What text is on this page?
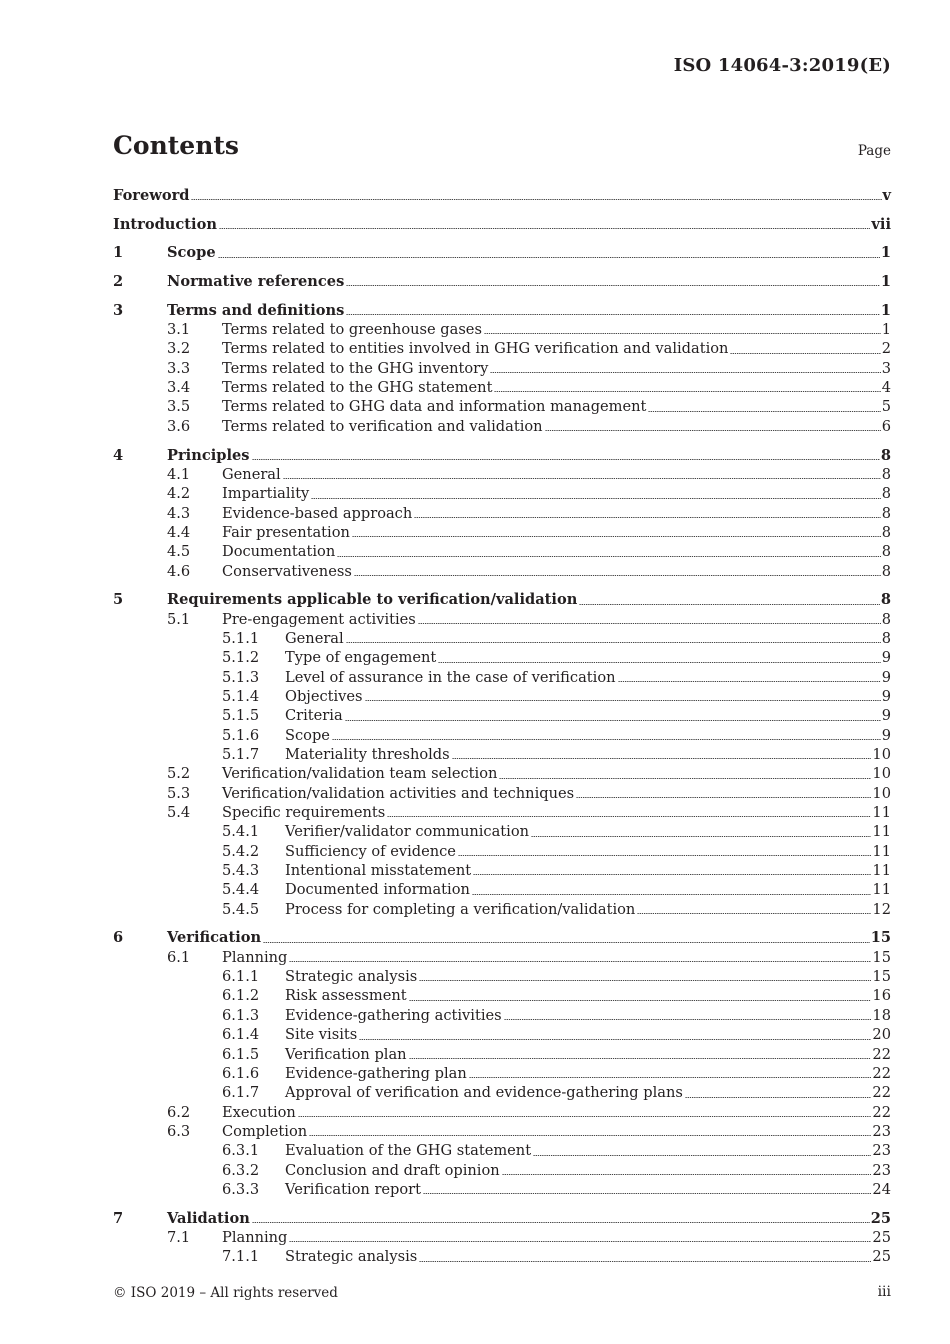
ISO 14064-3:2019(E)
Contents	Page
Foreword	v
Introduction	vii
1	Scope	1
2	Normative references	1
3	Terms and definitions	1
3.1 Terms related to greenhouse gases	1
3.2 Terms related to entities involved in GHG verification and validation	2
3.3 Terms related to the GHG inventory	3
3.4 Terms related to the GHG statement	4
3.5 Terms related to GHG data and information management	5
3.6 Terms related to verification and validation	6
4	Principles	8
4.1 General	8
4.2 Impartiality	8
4.3 Evidence-based approach	8
4.4 Fair presentation	8
4.5 Documentation	8
4.6 Conservativeness	8
5	Requirements applicable to verification/validation	8
5.1 Pre-engagement activities	8
5.1.1 General	8
5.1.2 Type of engagement	9
5.1.3 Level of assurance in the case of verification	9
5.1.4 Objectives	9
5.1.5 Criteria	9
5.1.6 Scope	9
5.1.7 Materiality thresholds	10
5.2 Verification/validation team selection	10
5.3 Verification/validation activities and techniques	10
5.4 Specific requirements	11
5.4.1 Verifier/validator communication	11
5.4.2 Sufficiency of evidence	11
5.4.3 Intentional misstatement	11
5.4.4 Documented information	11
5.4.5 Process for completing a verification/validation	12
6	Verification	15
6.1 Planning	15
6.1.1 Strategic analysis	15
6.1.2 Risk assessment	16
6.1.3 Evidence-gathering activities	18
6.1.4 Site visits	20
6.1.5 Verification plan	22
6.1.6 Evidence-gathering plan	22
6.1.7 Approval of verification and evidence-gathering plans	22
6.2 Execution	22
6.3 Completion	23
6.3.1 Evaluation of the GHG statement	23
6.3.2 Conclusion and draft opinion	23
6.3.3 Verification report	24
7	Validation	25
7.1 Planning	25
7.1.1 Strategic analysis	25
© ISO 2019 – All rights reserved	iii
